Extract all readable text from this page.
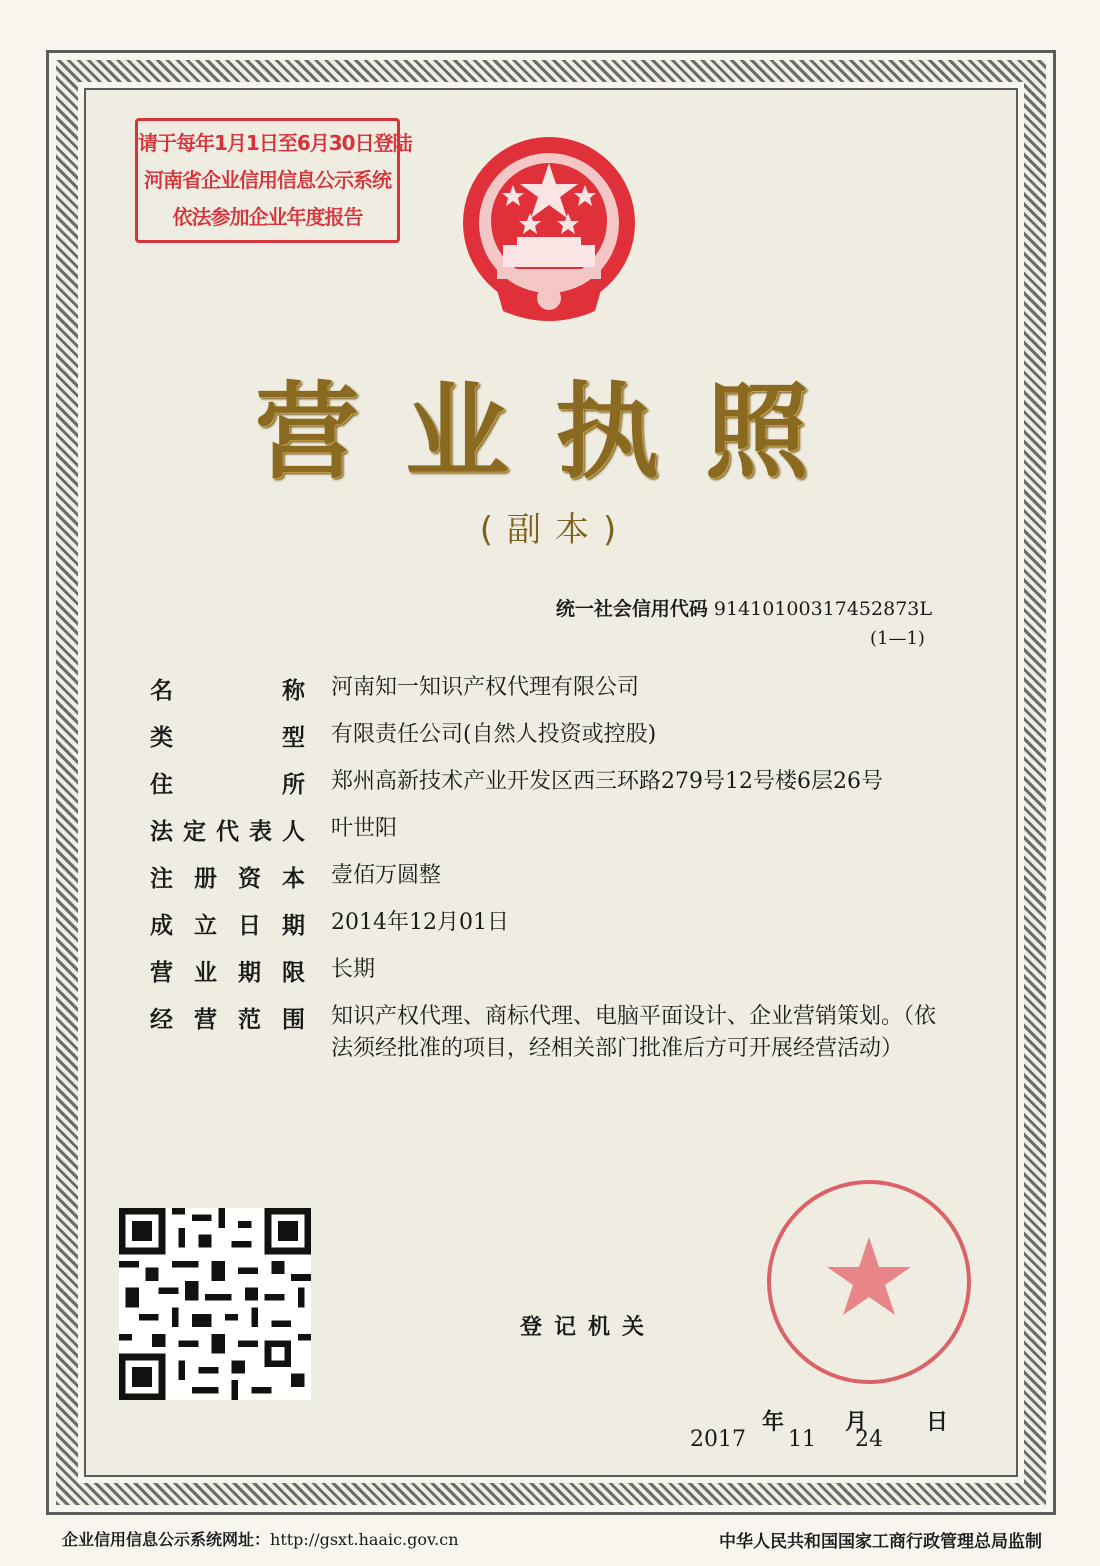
请于每年1月1日至6月30日登陆
河南省企业信用信息公示系统
依法参加企业年度报告
营业执照
(副本)
统一社会信用代码 91410100317452873L
(1—1)
名	称 河南知一知识产权代理有限公司
类	型 有限责任公司(自然人投资或控股)
住	所 郑州高新技术产业开发区西三环路279号12号楼6层26号
法 定 代 表 人 叶世阳
注 册 资 本 壹佰万圆整
成 立 日 期 2014年12月01日
营 业 期 限 长期
经 营 范 围 知识产权代理、商标代理、电脑平面设计、企业营销策划。（依法须经批准的项目，经相关部门批准后方可开展经营活动）
登记机关
2017
年
11
月
24
日
企业信用信息公示系统网址：http://gsxt.haaic.gov.cn	中华人民共和国国家工商行政管理总局监制
